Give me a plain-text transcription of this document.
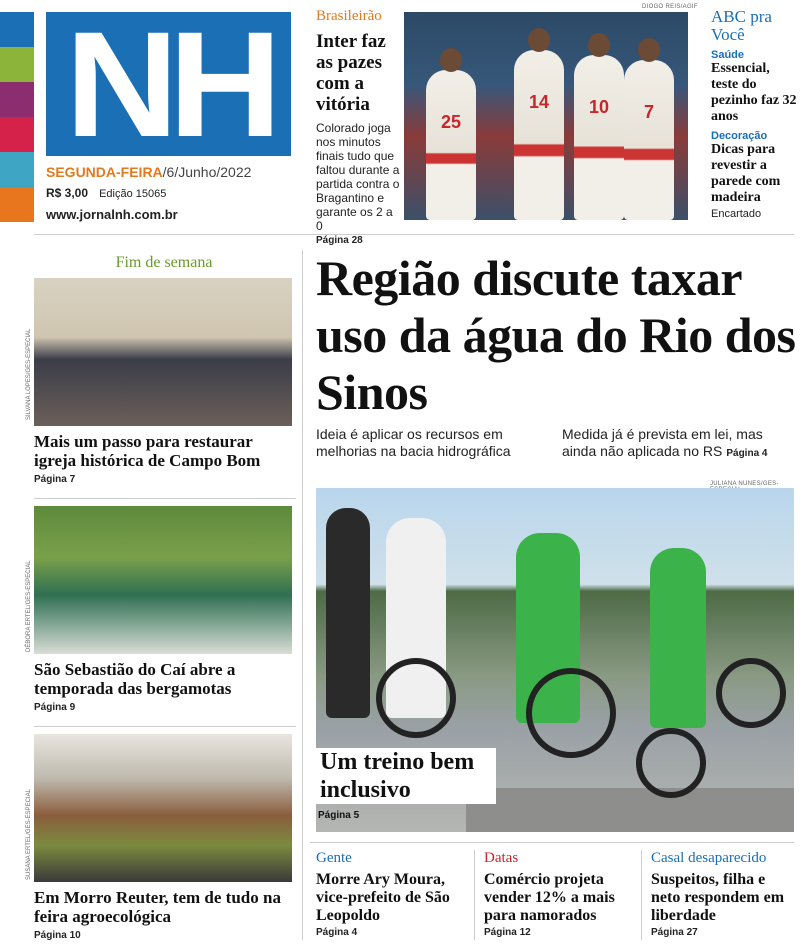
NH
SEGUNDA-FEIRA/6/Junho/2022
R$ 3,00 Edição 15065
www.jornalnh.com.br
Brasileirão
Inter faz as pazes com a vitória

Colorado joga nos minutos finais tudo que faltou durante a partida contra o Bragantino e garante os 2 a 0

Página 28
DIOGO REIS/AGIF
25
14	10	7
ABC pra Você
Saúde
Essencial, teste do pezinho faz 32 anos
Decoração
Dicas para revestir a parede com madeira
Encartado
Fim de semana
Mais um passo para restaurar igreja histórica de Campo Bom
Página 7
SILVANA LOPES/GES-ESPECIAL
São Sebastião do Caí abre a temporada das bergamotas
Página 9
DÉBORA ERTEL/GES-ESPECIAL
Em Morro Reuter, tem de tudo na feira agroecológica
Página 10
SUSANA ERTEL/GES-ESPECIAL
Região discute taxar uso da água do Rio dos Sinos
Ideia é aplicar os recursos em melhorias na bacia hidrográfica
Medida já é prevista em lei, mas ainda não aplicada no RS Página 4
JULIANA NUNES/GES-
Um treino bem inclusivo
Página 5
Gente
Morre Ary Moura, vice-prefeito de São Leopoldo
Página 4
Datas
Comércio projeta vender 12% a mais para namorados
Página 12
Casal desaparecido
Suspeitos, filha e neto respondem em liberdade
Página 27
